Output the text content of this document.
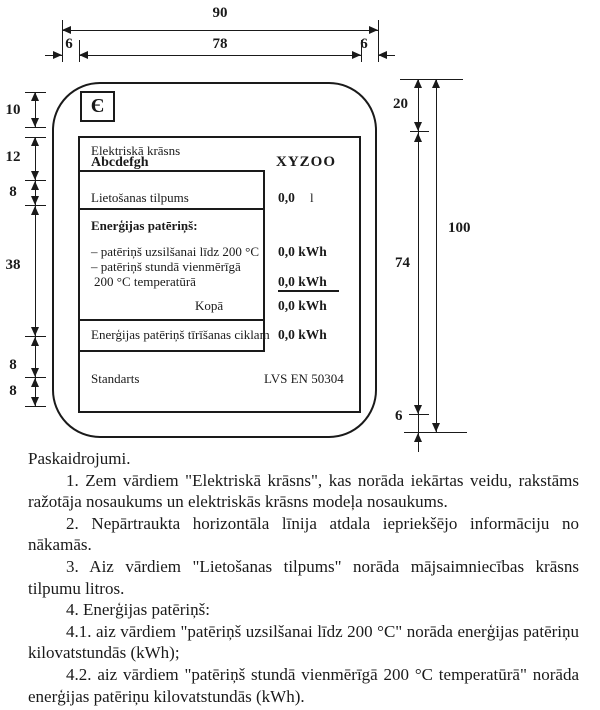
90
6	78	6
10
12
8
38
8
8
20
74
100
6
Є
Elektriskā krāsns
Abcdefgh	XYZOO
Lietošanas tilpums	0,0 l
Enerģijas patēriņš:
– patēriņš uzsilšanai līdz 200 °C 0,0 kWh
– patēriņš stundā vienmērīgā
200 °C temperatūrā	0,0 kWh
Kopā	0,0 kWh
Enerģijas patēriņš tīrīšanas ciklam 0,0 kWh
Standarts	LVS EN 50304

Paskaidrojumi.

1. Zem vārdiem "Elektriskā krāsns", kas norāda iekārtas veidu, rakstāms ražotāja nosaukums un elektriskās krāsns modeļa nosaukums.

2. Nepārtraukta horizontāla līnija atdala iepriekšējo informāciju no nākamās.

3. Aiz vārdiem "Lietošanas tilpums" norāda mājsaimniecības krāsns tilpumu litros.

4. Enerģijas patēriņš:

4.1. aiz vārdiem "patēriņš uzsilšanai līdz 200 °C" norāda enerģijas patēriņu kilovatstundās (kWh);

4.2. aiz vārdiem "patēriņš stundā vienmērīgā 200 °C temperatūrā" norāda enerģijas patēriņu kilovatstundās (kWh).
